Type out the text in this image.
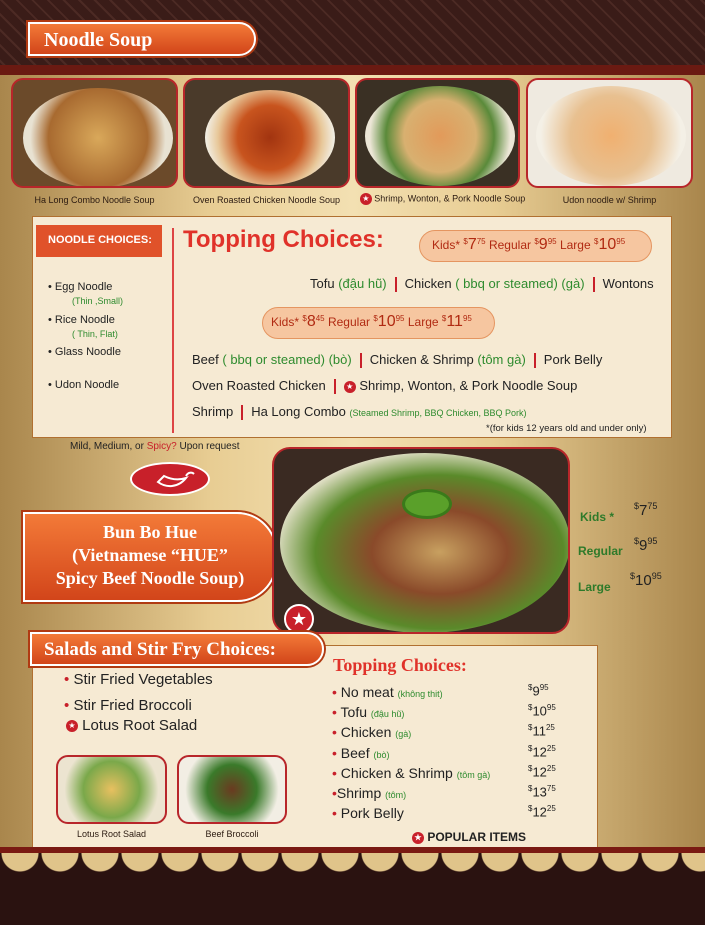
Noodle Soup
Ha Long Combo Noodle Soup	Oven Roasted Chicken Noodle Soup	★ Shrimp, Wonton, & Pork Noodle Soup	Udon noodle w/ Shrimp
NOODLE CHOICES:
• Egg Noodle
(Thin ,Small)
• Rice Noodle
( Thin, Flat)
• Glass Noodle
• Udon Noodle
Topping Choices:	Kids* $^{\$}7^{75}$ Regular $^{\$}9^{95}$ Large $^{\$}10^{95}$
Tofu (đậu hũ) Chicken ( bbq or steamed) (gà) Wontons
Kids* $^{\$}8^{45}$ Regular $^{\$}10^{95}$ Large $^{\$}11^{95}$
Beef ( bbq or steamed) (bò) Chicken & Shrimp (tôm gà) Pork Belly
Oven Roasted Chicken	★ Shrimp, Wonton, & Pork Noodle Soup
Shrimp Ha Long Combo (Steamed Shrimp, BBQ Chicken, BBQ Pork)
*(for kids 12 years old and under only)
Mild, Medium, or Spicy? Upon request
Bun Bo Hue
(Vietnamese “HUE”
Spicy Beef Noodle Soup)
★
Kids *
$^{\$}7^{75}$
Regular
$^{\$}9^{95}$
Large
$^{\$}10^{95}$
Salads and Stir Fry Choices:
• Stir Fried Vegetables
• Stir Fried Broccoli
★ Lotus Root Salad
Lotus Root Salad	Beef Broccoli
Topping Choices:
• No meat (không thit)
$^{\$}9^{95}$
• Tofu (đậu hũ)
$^{\$}10^{95}$
• Chicken (gà)
$^{\$}11^{25}$
• Beef (bò)
$^{\$}12^{25}$
• Chicken & Shrimp (tôm gà)
$^{\$}12^{25}$
•Shrimp (tôm)
$^{\$}13^{75}$
• Pork Belly	$^{\$}12^{25}$
★ POPULAR ITEMS
